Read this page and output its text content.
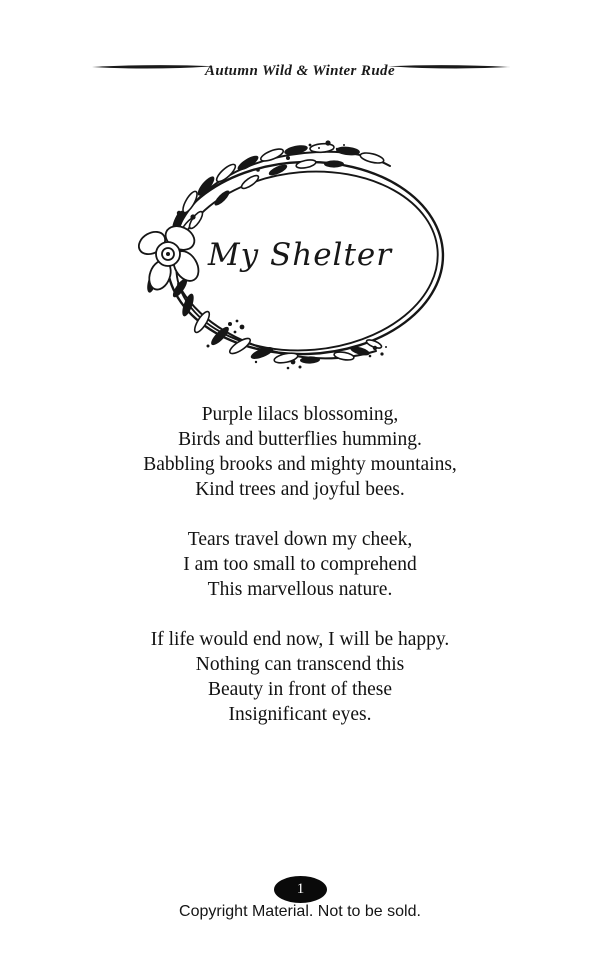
Autumn Wild & Winter Rude
My Shelter
Purple lilacs blossoming,
Birds and butterflies humming.
Babbling brooks and mighty mountains,
Kind trees and joyful bees.
Tears travel down my cheek,
I am too small to comprehend
This marvellous nature.
If life would end now, I will be happy.
Nothing can transcend this
Beauty in front of these
Insignificant eyes.
1
Copyright Material. Not to be sold.
